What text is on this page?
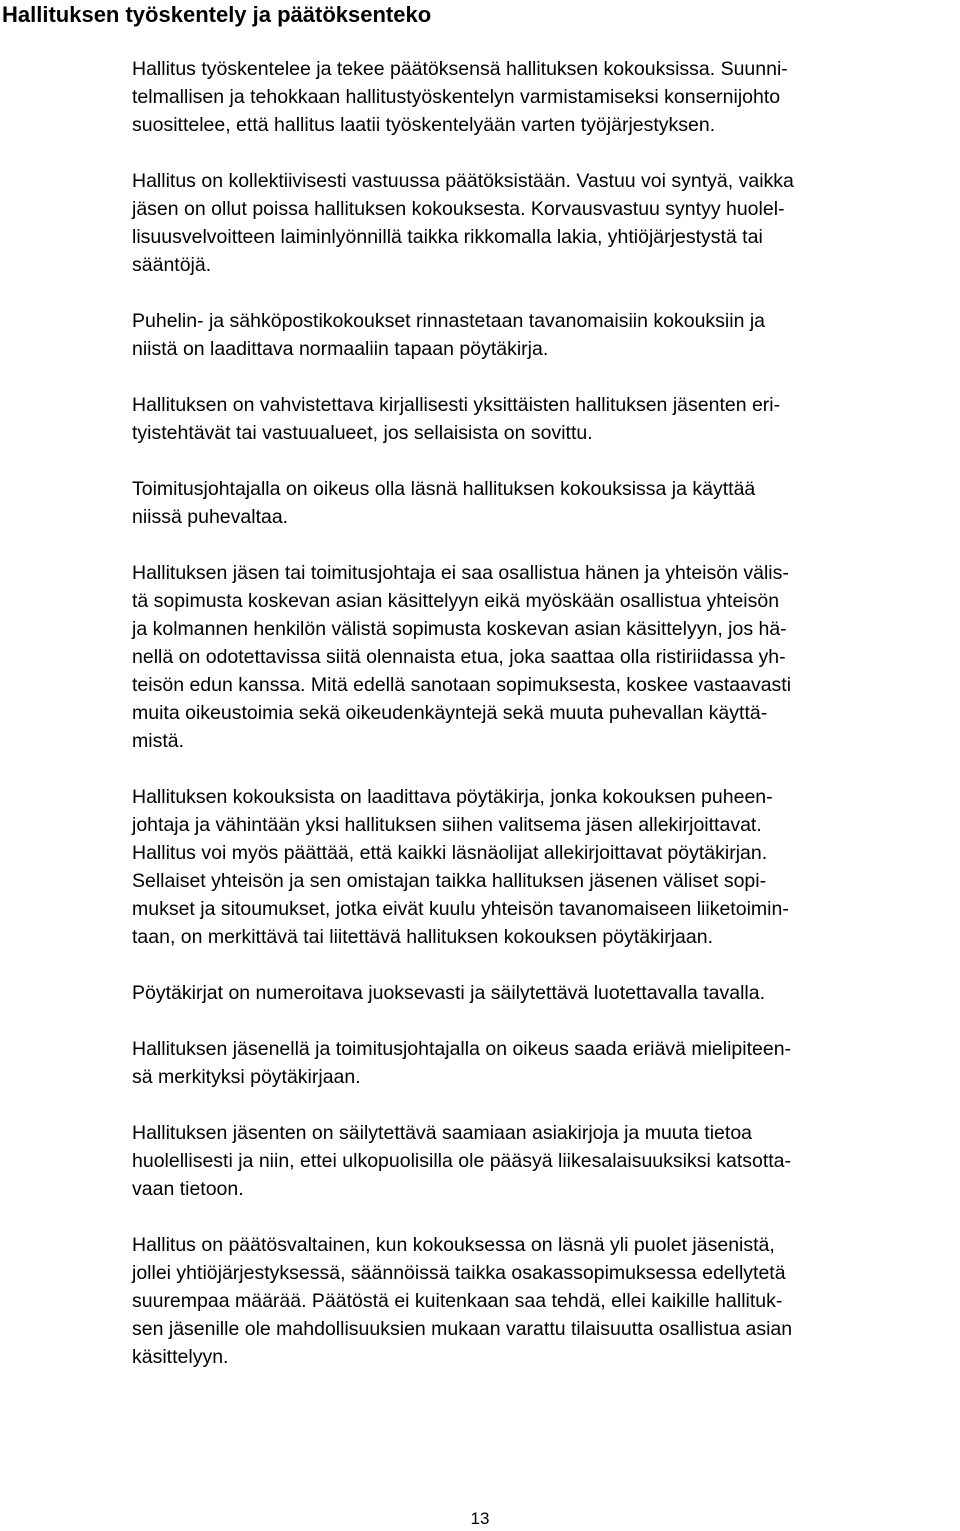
Hallituksen työskentely ja päätöksenteko

Hallitus työskentelee ja tekee päätöksensä hallituksen kokouksissa. Suunni-
telmallisen ja tehokkaan hallitustyöskentelyn varmistamiseksi konsernijohto
suosittelee, että hallitus laatii työskentelyään varten työjärjestyksen.

Hallitus on kollektiivisesti vastuussa päätöksistään. Vastuu voi syntyä, vaikka
jäsen on ollut poissa hallituksen kokouksesta. Korvausvastuu syntyy huolel-
lisuusvelvoitteen laiminlyönnillä taikka rikkomalla lakia, yhtiöjärjestystä tai
sääntöjä.

Puhelin- ja sähköpostikokoukset rinnastetaan tavanomaisiin kokouksiin ja
niistä on laadittava normaaliin tapaan pöytäkirja.

Hallituksen on vahvistettava kirjallisesti yksittäisten hallituksen jäsenten eri-
tyistehtävät tai vastuualueet, jos sellaisista on sovittu.

Toimitusjohtajalla on oikeus olla läsnä hallituksen kokouksissa ja käyttää
niissä puhevaltaa.

Hallituksen jäsen tai toimitusjohtaja ei saa osallistua hänen ja yhteisön välis-
tä sopimusta koskevan asian käsittelyyn eikä myöskään osallistua yhteisön
ja kolmannen henkilön välistä sopimusta koskevan asian käsittelyyn, jos hä-
nellä on odotettavissa siitä olennaista etua, joka saattaa olla ristiriidassa yh-
teisön edun kanssa. Mitä edellä sanotaan sopimuksesta, koskee vastaavasti
muita oikeustoimia sekä oikeudenkäyntejä sekä muuta puhevallan käyttä-
mistä.

Hallituksen kokouksista on laadittava pöytäkirja, jonka kokouksen puheen-
johtaja ja vähintään yksi hallituksen siihen valitsema jäsen allekirjoittavat.
Hallitus voi myös päättää, että kaikki läsnäolijat allekirjoittavat pöytäkirjan.
Sellaiset yhteisön ja sen omistajan taikka hallituksen jäsenen väliset sopi-
mukset ja sitoumukset, jotka eivät kuulu yhteisön tavanomaiseen liiketoimin-
taan, on merkittävä tai liitettävä hallituksen kokouksen pöytäkirjaan.

Pöytäkirjat on numeroitava juoksevasti ja säilytettävä luotettavalla tavalla.

Hallituksen jäsenellä ja toimitusjohtajalla on oikeus saada eriävä mielipiteen-
sä merkityksi pöytäkirjaan.

Hallituksen jäsenten on säilytettävä saamiaan asiakirjoja ja muuta tietoa
huolellisesti ja niin, ettei ulkopuolisilla ole pääsyä liikesalaisuuksiksi katsotta-
vaan tietoon.

Hallitus on päätösvaltainen, kun kokouksessa on läsnä yli puolet jäsenistä,
jollei yhtiöjärjestyksessä, säännöissä taikka osakassopimuksessa edellytetä
suurempaa määrää. Päätöstä ei kuitenkaan saa tehdä, ellei kaikille hallituk-
sen jäsenille ole mahdollisuuksien mukaan varattu tilaisuutta osallistua asian
käsittelyyn.

13
